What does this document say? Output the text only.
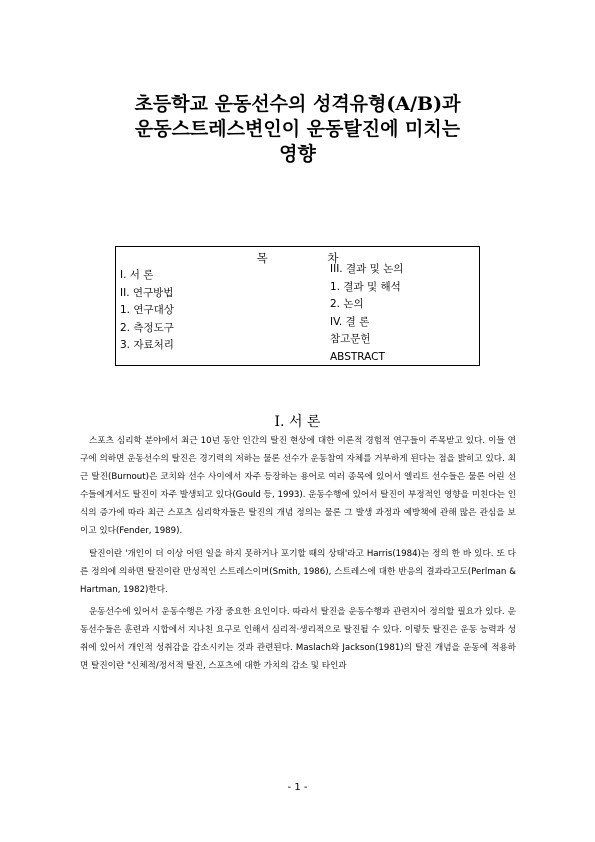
초등학교 운동선수의 성격유형(A/B)과
운동스트레스변인이 운동탈진에 미치는
영향
목 차
I. 서 론
II. 연구방법
1. 연구대상
2. 측정도구
3. 자료처리
III. 결과 및 논의
1. 결과 및 해석
2. 논의
IV. 결 론
참고문헌
ABSTRACT
I. 서 론

스포츠 심리학 분야에서 최근 10년 동안 인간의 탈진 현상에 대한 이론적 경험적 연구들이 주목받고 있다. 이들 연구에 의하면 운동선수의 탈진은 경기력의 저하는 물론 선수가 운동참여 자체를 거부하게 된다는 점을 밝히고 있다. 최근 탈진(Burnout)은 코치와 선수 사이에서 자주 등장하는 용어로 여러 종목에 있어서 엘리트 선수들은 물론 어린 선수들에게서도 탈진이 자주 발생되고 있다(Gould 등, 1993). 운동수행에 있어서 탈진이 부정적인 영향을 미친다는 인식의 증가에 따라 최근 스포츠 심리학자들은 탈진의 개념 정의는 물론 그 발생 과정과 예방책에 관해 많은 관심을 보이고 있다(Fender, 1989).

탈진이란 '개인이 더 이상 어떤 일을 하지 못하거나 포기할 때의 상태'라고 Harris(1984)는 정의 한 바 있다. 또 다른 정의에 의하면 탈진이란 만성적인 스트레스이며(Smith, 1986), 스트레스에 대한 반응의 결과라고도(Perlman & Hartman, 1982)한다.

운동선수에 있어서 운동수행은 가장 중요한 요인이다. 따라서 탈진을 운동수행과 관련지어 정의할 필요가 있다. 운동선수들은 훈련과 시합에서 지나친 요구로 인해서 심리적·생리적으로 탈진될 수 있다. 이렇듯 탈진은 운동 능력과 성취에 있어서 개인적 성취감을 감소시키는 것과 관련된다. Maslach와 Jackson(1981)의 탈진 개념을 운동에 적용하면 탈진이란 "신체적/정서적 탈진, 스포츠에 대한 가치의 감소 및 타인과

- 1 -
